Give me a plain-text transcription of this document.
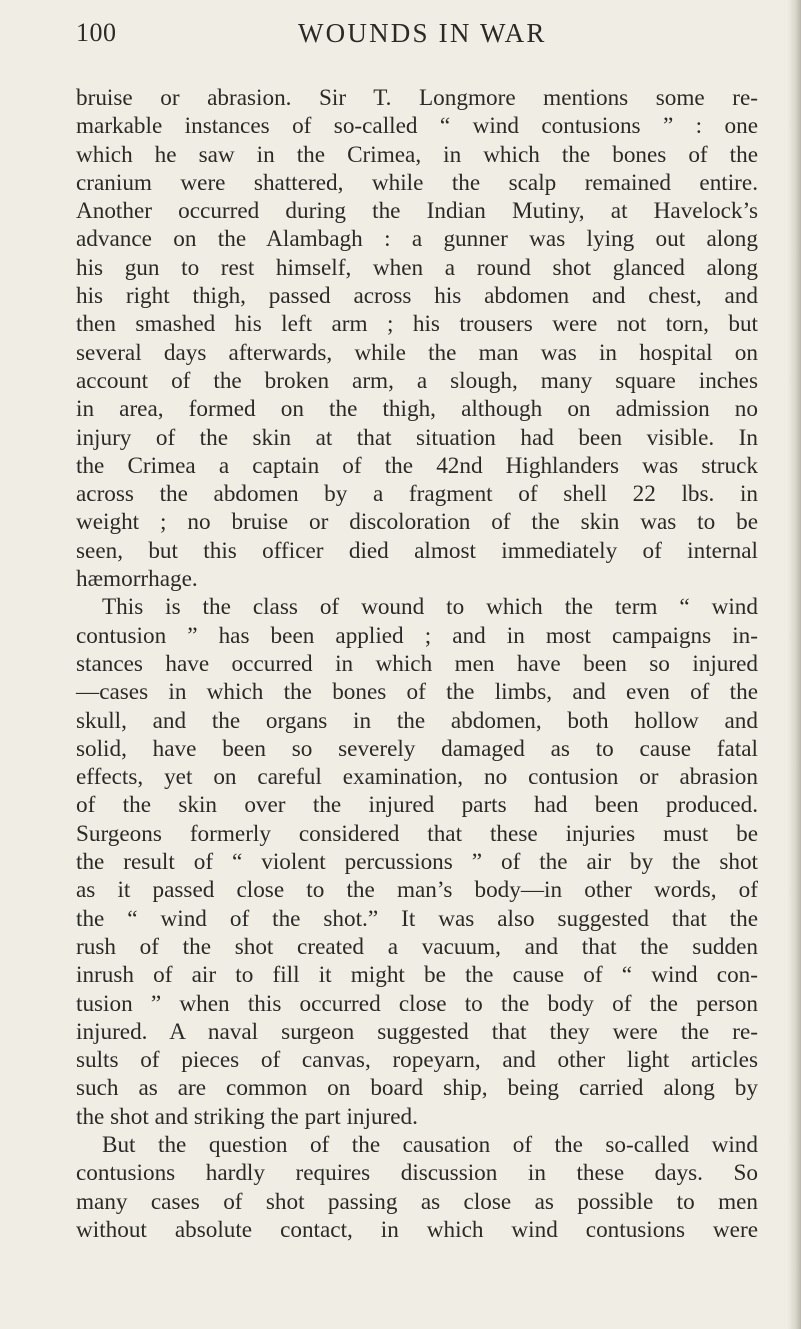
100	WOUNDS IN WAR
bruise or abrasion. Sir T. Longmore mentions some re-
markable instances of so-called “ wind contusions ” : one
which he saw in the Crimea, in which the bones of the
cranium were shattered, while the scalp remained entire.
Another occurred during the Indian Mutiny, at Havelock’s
advance on the Alambagh : a gunner was lying out along
his gun to rest himself, when a round shot glanced along
his right thigh, passed across his abdomen and chest, and
then smashed his left arm ; his trousers were not torn, but
several days afterwards, while the man was in hospital on
account of the broken arm, a slough, many square inches
in area, formed on the thigh, although on admission no
injury of the skin at that situation had been visible. In
the Crimea a captain of the 42nd Highlanders was struck
across the abdomen by a fragment of shell 22 lbs. in
weight ; no bruise or discoloration of the skin was to be
seen, but this officer died almost immediately of internal
hæmorrhage.
This is the class of wound to which the term “ wind
contusion ” has been applied ; and in most campaigns in-
stances have occurred in which men have been so injured
—cases in which the bones of the limbs, and even of the
skull, and the organs in the abdomen, both hollow and
solid, have been so severely damaged as to cause fatal
effects, yet on careful examination, no contusion or abrasion
of the skin over the injured parts had been produced.
Surgeons formerly considered that these injuries must be
the result of “ violent percussions ” of the air by the shot
as it passed close to the man’s body—in other words, of
the “ wind of the shot.” It was also suggested that the
rush of the shot created a vacuum, and that the sudden
inrush of air to fill it might be the cause of “ wind con-
tusion ” when this occurred close to the body of the person
injured. A naval surgeon suggested that they were the re-
sults of pieces of canvas, ropeyarn, and other light articles
such as are common on board ship, being carried along by
the shot and striking the part injured.
But the question of the causation of the so-called wind
contusions hardly requires discussion in these days. So
many cases of shot passing as close as possible to men
without absolute contact, in which wind contusions were
